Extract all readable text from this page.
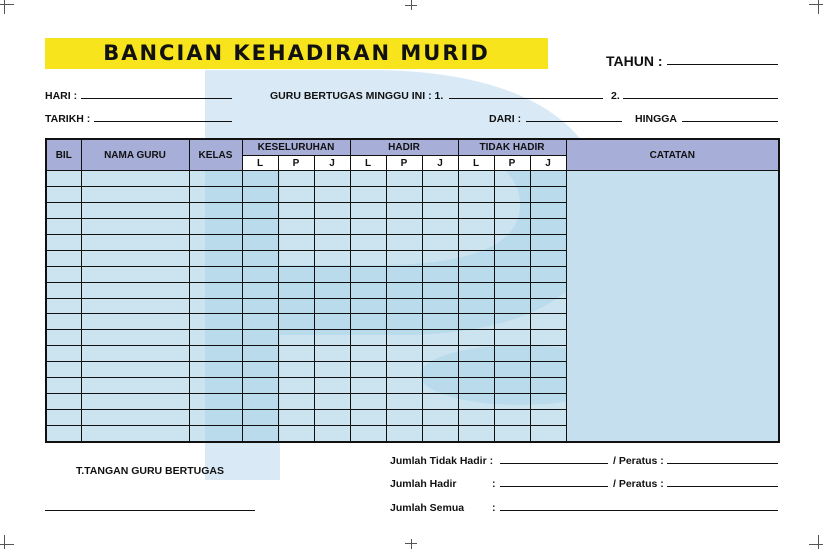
BANCIAN KEHADIRAN MURID	TAHUN :
HARI :	GURU BERTUGAS MINGGU INI : 1.	2.
TARIKH :	DARI :	HINGGA
BIL	NAMA GURU	KELAS	KESELURUHAN			HADIR			TIDAK HADIR			CATATAN
			L	P	J	L	P	J	L	P	J	

T.TANGAN GURU BERTUGAS
Jumlah Tidak Hadir :	/ Peratus :
Jumlah Hadir	:	/ Peratus :
Jumlah Semua	:
